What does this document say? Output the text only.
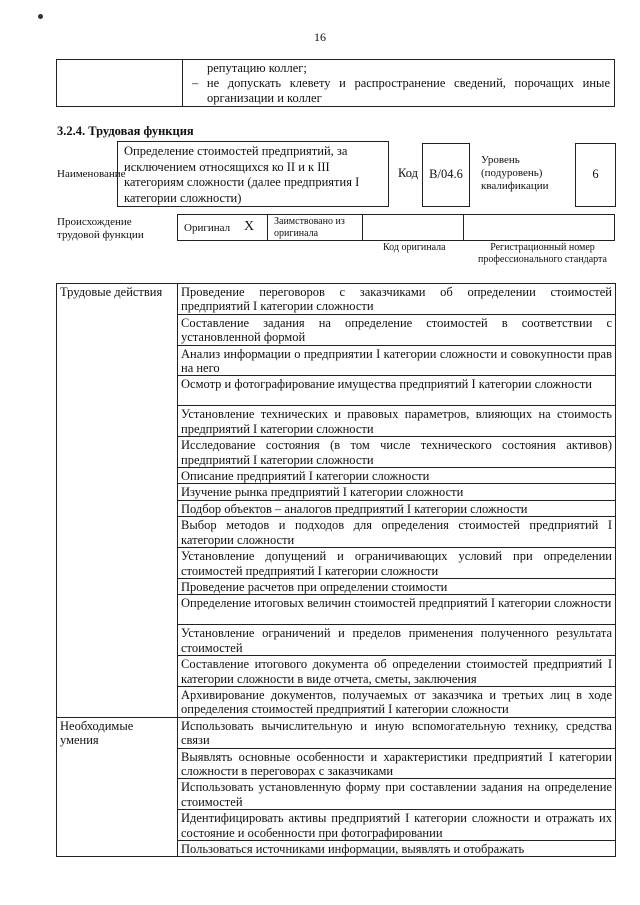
16
репутацию коллег;
– не допускать клевету и распространение сведений, порочащих иные
организации и коллег
3.2.4. Трудовая функция
Наименование
Определение стоимостей предприятий, за исключением относящихся ко II и к III категориям сложности (далее предприятия I категории сложности)
Код B/04.6
Уровень (подуровень) квалификации
6
Происхождение трудовой функции
Оригинал X Заимствовано из оригинала
Код оригинала	Регистрационный номер профессионального стандарта
Трудовые действия	Проведение переговоров с заказчиками об определении стоимостей предприятий I категории сложности
	Составление задания на определение стоимостей в соответствии с установленной формой
	Анализ информации о предприятии I категории сложности и совокупности прав на него
	Осмотр и фотографирование имущества предприятий I категории сложности
	Установление технических и правовых параметров, влияющих на стоимость предприятий I категории сложности
	Исследование состояния (в том числе технического состояния активов) предприятий I категории сложности
	Описание предприятий I категории сложности
	Изучение рынка предприятий I категории сложности
	Подбор объектов – аналогов предприятий I категории сложности
	Выбор методов и подходов для определения стоимостей предприятий I категории сложности
	Установление допущений и ограничивающих условий при определении стоимостей предприятий I категории сложности
	Проведение расчетов при определении стоимости
	Определение итоговых величин стоимостей предприятий I категории сложности
	Установление ограничений и пределов применения полученного результата стоимостей
	Составление итогового документа об определении стоимостей предприятий I категории сложности в виде отчета, сметы, заключения
	Архивирование документов, получаемых от заказчика и третьих лиц в ходе определения стоимостей предприятий I категории сложности
Необходимые умения	Использовать вычислительную и иную вспомогательную технику, средства связи
	Выявлять основные особенности и характеристики предприятий I категории сложности в переговорах с заказчиками
	Использовать установленную форму при составлении задания на определение стоимостей
	Идентифицировать активы предприятий I категории сложности и отражать их состояние и особенности при фотографировании
	Пользоваться источниками информации, выявлять и отображать
